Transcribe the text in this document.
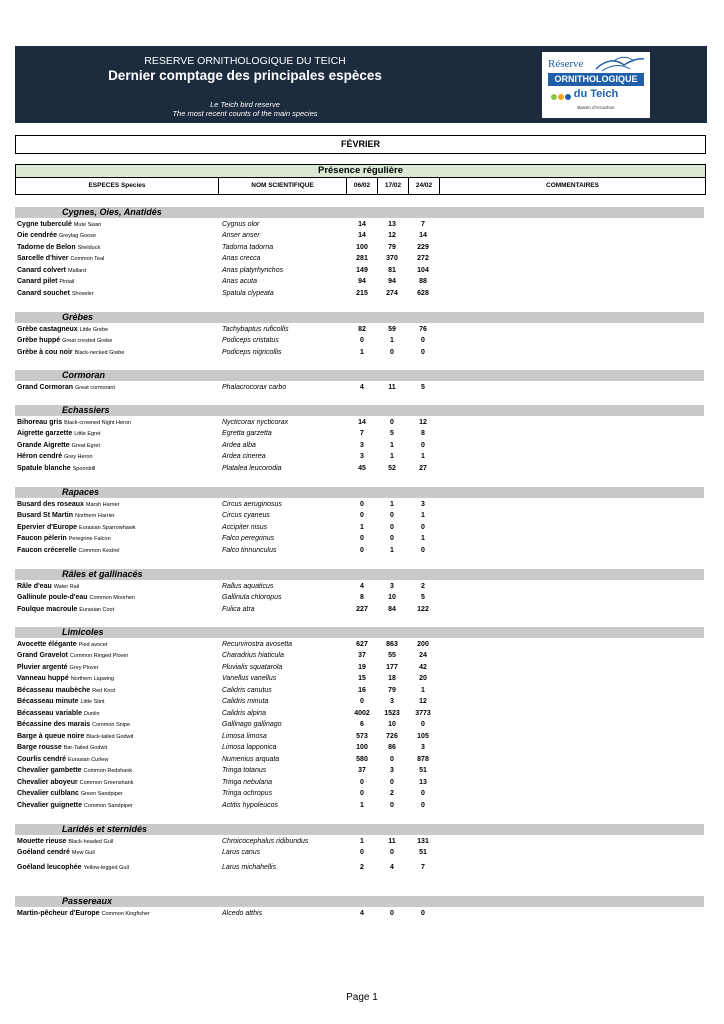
RESERVE ORNITHOLOGIQUE DU TEICH
Dernier comptage des principales espèces
Le Teich bird reserve
The most recent counts of the main species
Réserve
ORNITHOLOGIQUE
du Teich
Bassin d'Arcachon
FÉVRIER
Présence régulière
ESPECES Species	NOM SCIENTIFIQUE	06/02	17/02	24/02	COMMENTAIRES
Cygnes, Oies, Anatidés
Cygne tuberculé Mute Swan	Cygnus olor	14	13	7
Oie cendrée Greylag Goose	Anser anser	14	12	14
Tadorne de Belon Shelduck	Tadorna tadorna	100	79	229
Sarcelle d'hiver Common Teal	Anas crecca	281	370	272
Canard colvert Mallard	Anas platyrhynchos	149	81	104
Canard pilet Pintail	Anas acuta	94	94	88
Canard souchet Shoveler	Spatula clypeata	215	274	628
Grèbes
Grèbe castagneux Little Grebe	Tachybaptus ruficollis	82	59	76
Grèbe huppé Great crested Grebe	Podiceps cristatus	0	1	0
Grèbe à cou noir Black-necked Grebe	Podiceps nigricollis	1	0	0
Cormoran
Grand Cormoran Great cormorant	Phalacrocorax carbo	4	11	5
Echassiers
Bihoreau gris Black-crowned Night Heron	Nycticorax nycticorax	14	0	12
Aigrette garzette Little Egret	Egretta garzetta	7	5	8
Grande Aigrette Great Egret	Ardea alba	3	1	0
Héron cendré Grey Heron	Ardea cinerea	3	1	1
Spatule blanche Spoonbill	Platalea leucorodia	45	52	27
Rapaces
Busard des roseaux Marsh Harrier	Circus aeruginosus	0	1	3
Busard St Martin Northern Harrier	Circus cyaneus	0	0	1
Epervier d'Europe Eurasian Sparrowhawk	Accipiter nisus	1	0	0
Faucon pèlerin Peregrine Falcon	Falco peregrinus	0	0	1
Faucon crécerelle Common Kestrel	Falco tinnunculus	0	1	0
Râles et gallinacés
Râle d'eau Water Rail	Rallus aquaticus	4	3	2
Gallinule poule-d'eau Common Moorhen	Gallinula chloropus	8	10	5
Foulque macroule Eurasian Coot	Fulica atra	227	84	122
Limicoles
Avocette élégante Pied avocet	Recurvirostra avosetta	627	863	200
Grand Gravelot Common Ringed Plover	Charadrius hiaticula	37	55	24
Pluvier argenté Grey Plover	Pluvialis squatarola	19	177	42
Vanneau huppé Northern Lapwing	Vanellus vanellus	15	18	20
Bécasseau maubèche Red Knot	Calidris canutus	16	79	1
Bécasseau minute Little Stint	Calidris minuta	0	3	12
Bécasseau variable Dunlin	Calidris alpina	4002	1523	3773
Bécassine des marais Common Snipe	Gallinago gallinago	6	10	0
Barge à queue noire Black-tailed Godwit	Limosa limosa	573	726	105
Barge rousse Bar-Tailed Godwit	Limosa lapponica	100	86	3
Courlis cendré Eurasian Curlew	Numenius arquata	580	0	878
Chevalier gambette Common Redshank	Tringa totanus	37	3	51
Chevalier aboyeur Common Greenshank	Tringa nebularia	0	0	13
Chevalier culblanc Green Sandpiper	Tringa ochropus	0	2	0
Chevalier guignette Common Sandpiper	Actitis hypoleucos	1	0	0
Laridés et sternidés
Mouette rieuse Black-headed Gull	Chroicocephalus ridibundus	1	11	131
Goéland cendré Mew Gull	Larus canus	0	0	51
Goéland leucophée Yellow-legged Gull	Larus michahellis	2	4	7
Passereaux
Martin-pêcheur d'Europe Common Kingfisher	Alcedo atthis	4	0	0
Page 1
